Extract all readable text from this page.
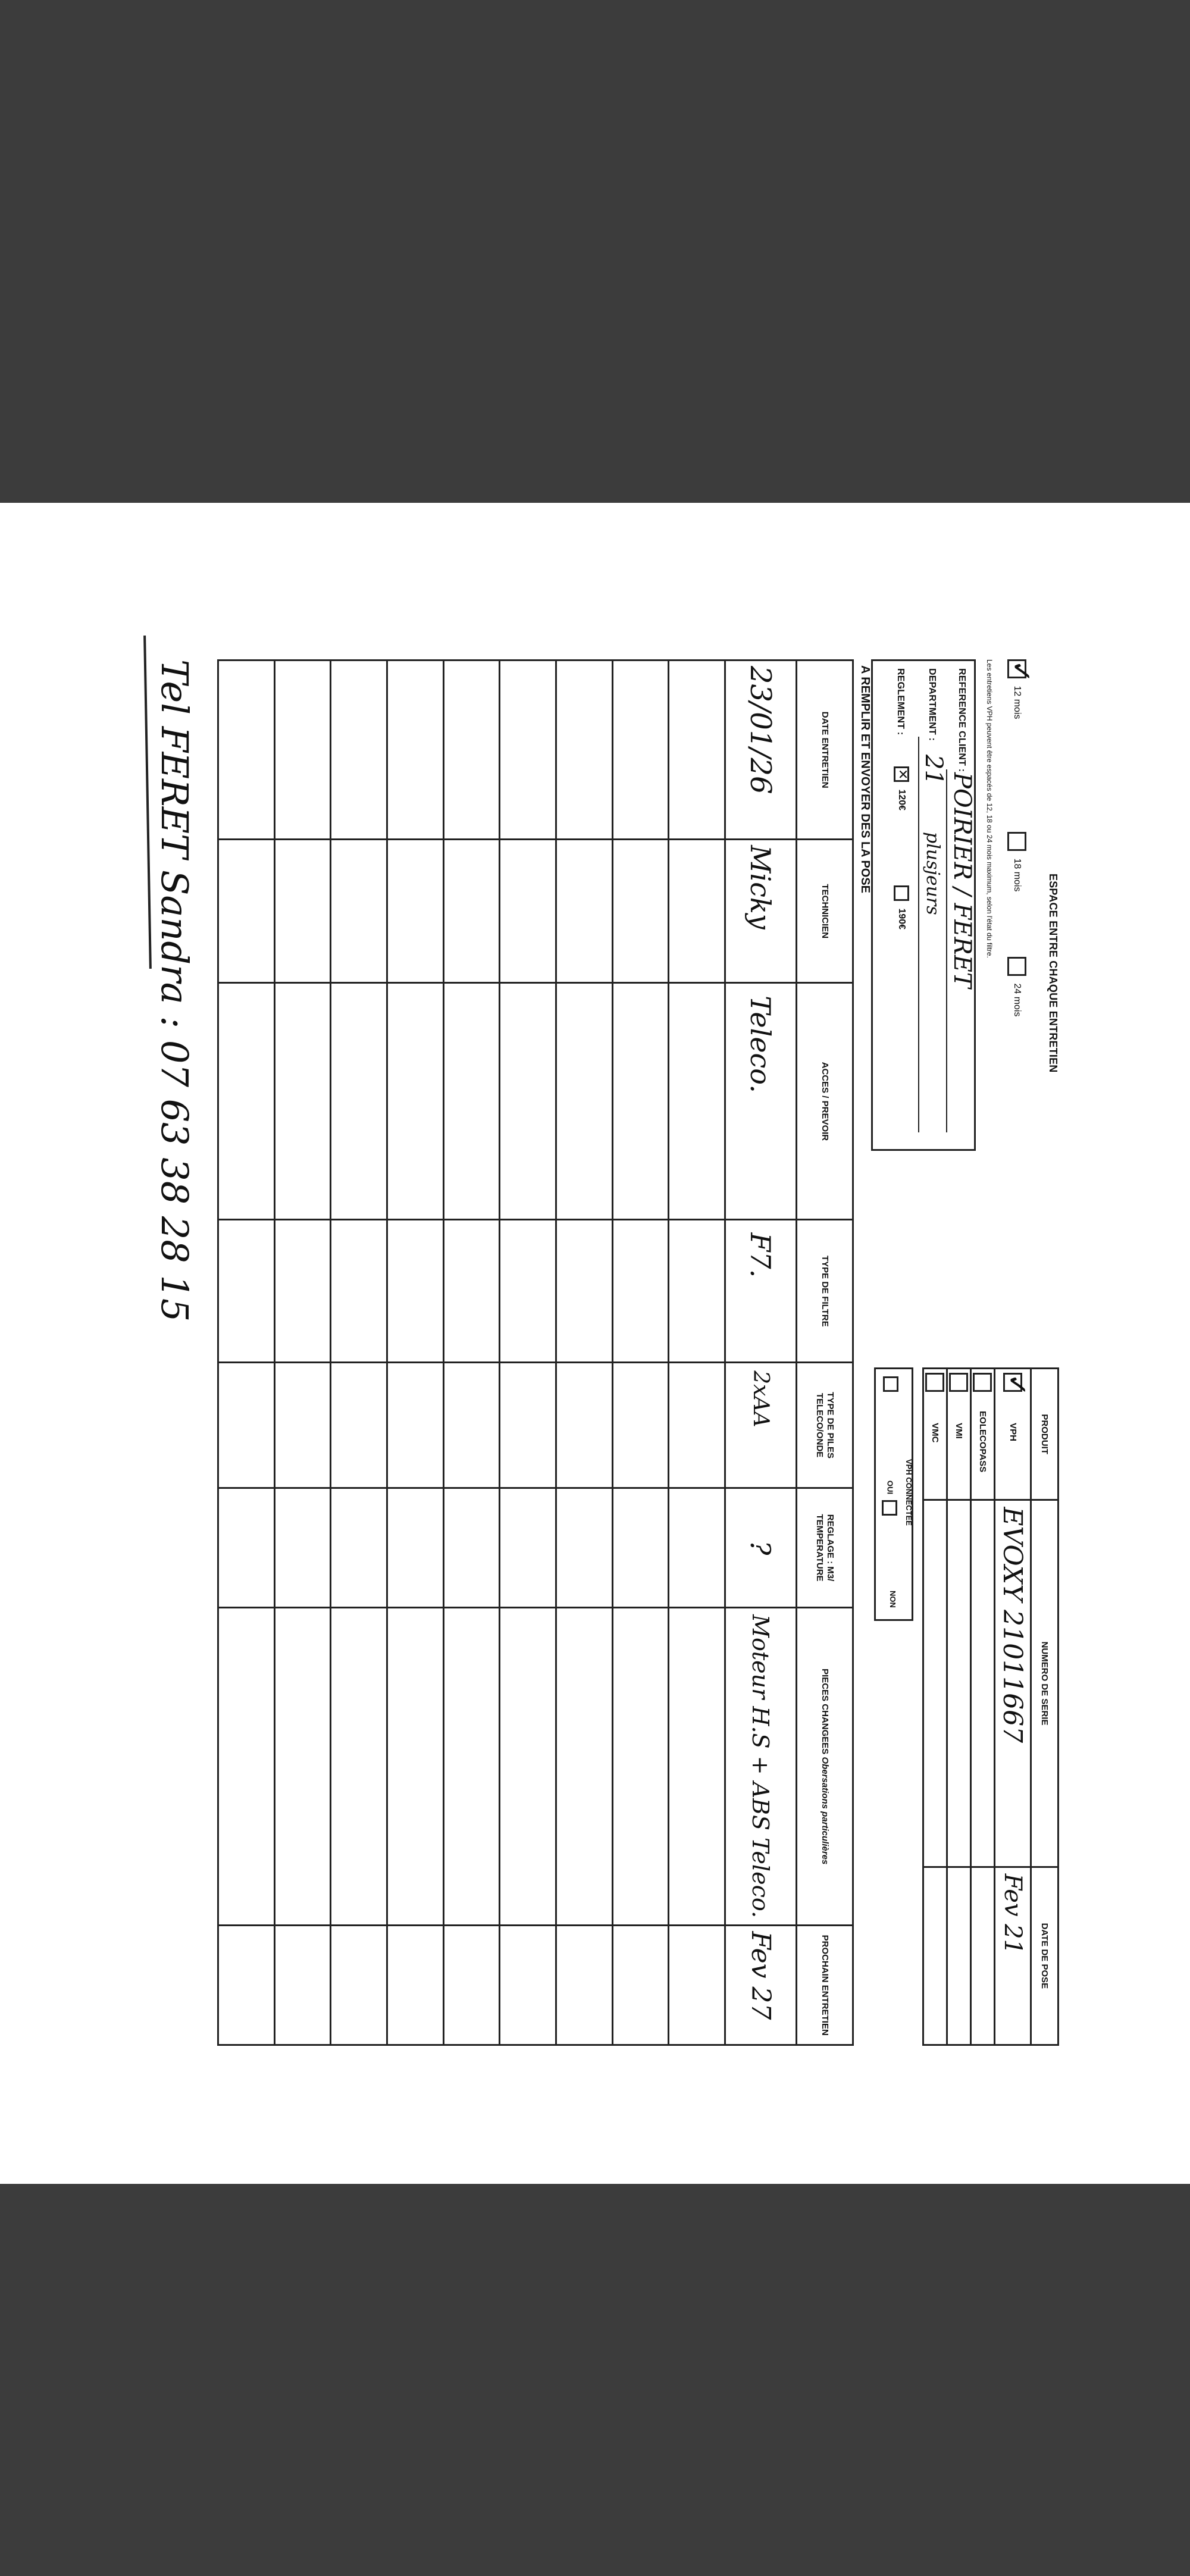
ESPACE ENTRE CHAQUE ENTRETIEN
✓ 12 mois
18 mois
24 mois
Les entretiens VPH peuvent être espacés de 12, 18 ou 24 mois maximum, selon l'état du filtre.
REFERENCE CLIENT :
POIRIER / FERET
DEPARTMENT :
21
plusjeurs
REGLEMENT :
✕ 120€
190€
PRODUIT	NUMERO DE SERIE	DATE DE POSE
✓ VPH	EVOXY 21011667	Fev 21
EOLECOPASS		
VMI		
VMC		
VPH CONNECTEE
OUI
NON
A REMPLIR ET ENVOYER DES LA POSE
DATE ENTRETIEN	TECHNICIEN	ACCES / PREVOIR	TYPE DE FILTRE	TYPE DE PILES TELECO/ONDE	REGLAGE : M3/ TEMPERATURE	PIECES CHANGEES Obersations particulières	PROCHAIN ENTRETIEN
23/01/26	Micky	Teleco.	F7.	2xAA	?	Moteur H.S + ABS Teleco.	Fev 27

Tel FERET Sandra : 07 63 38 28 15
